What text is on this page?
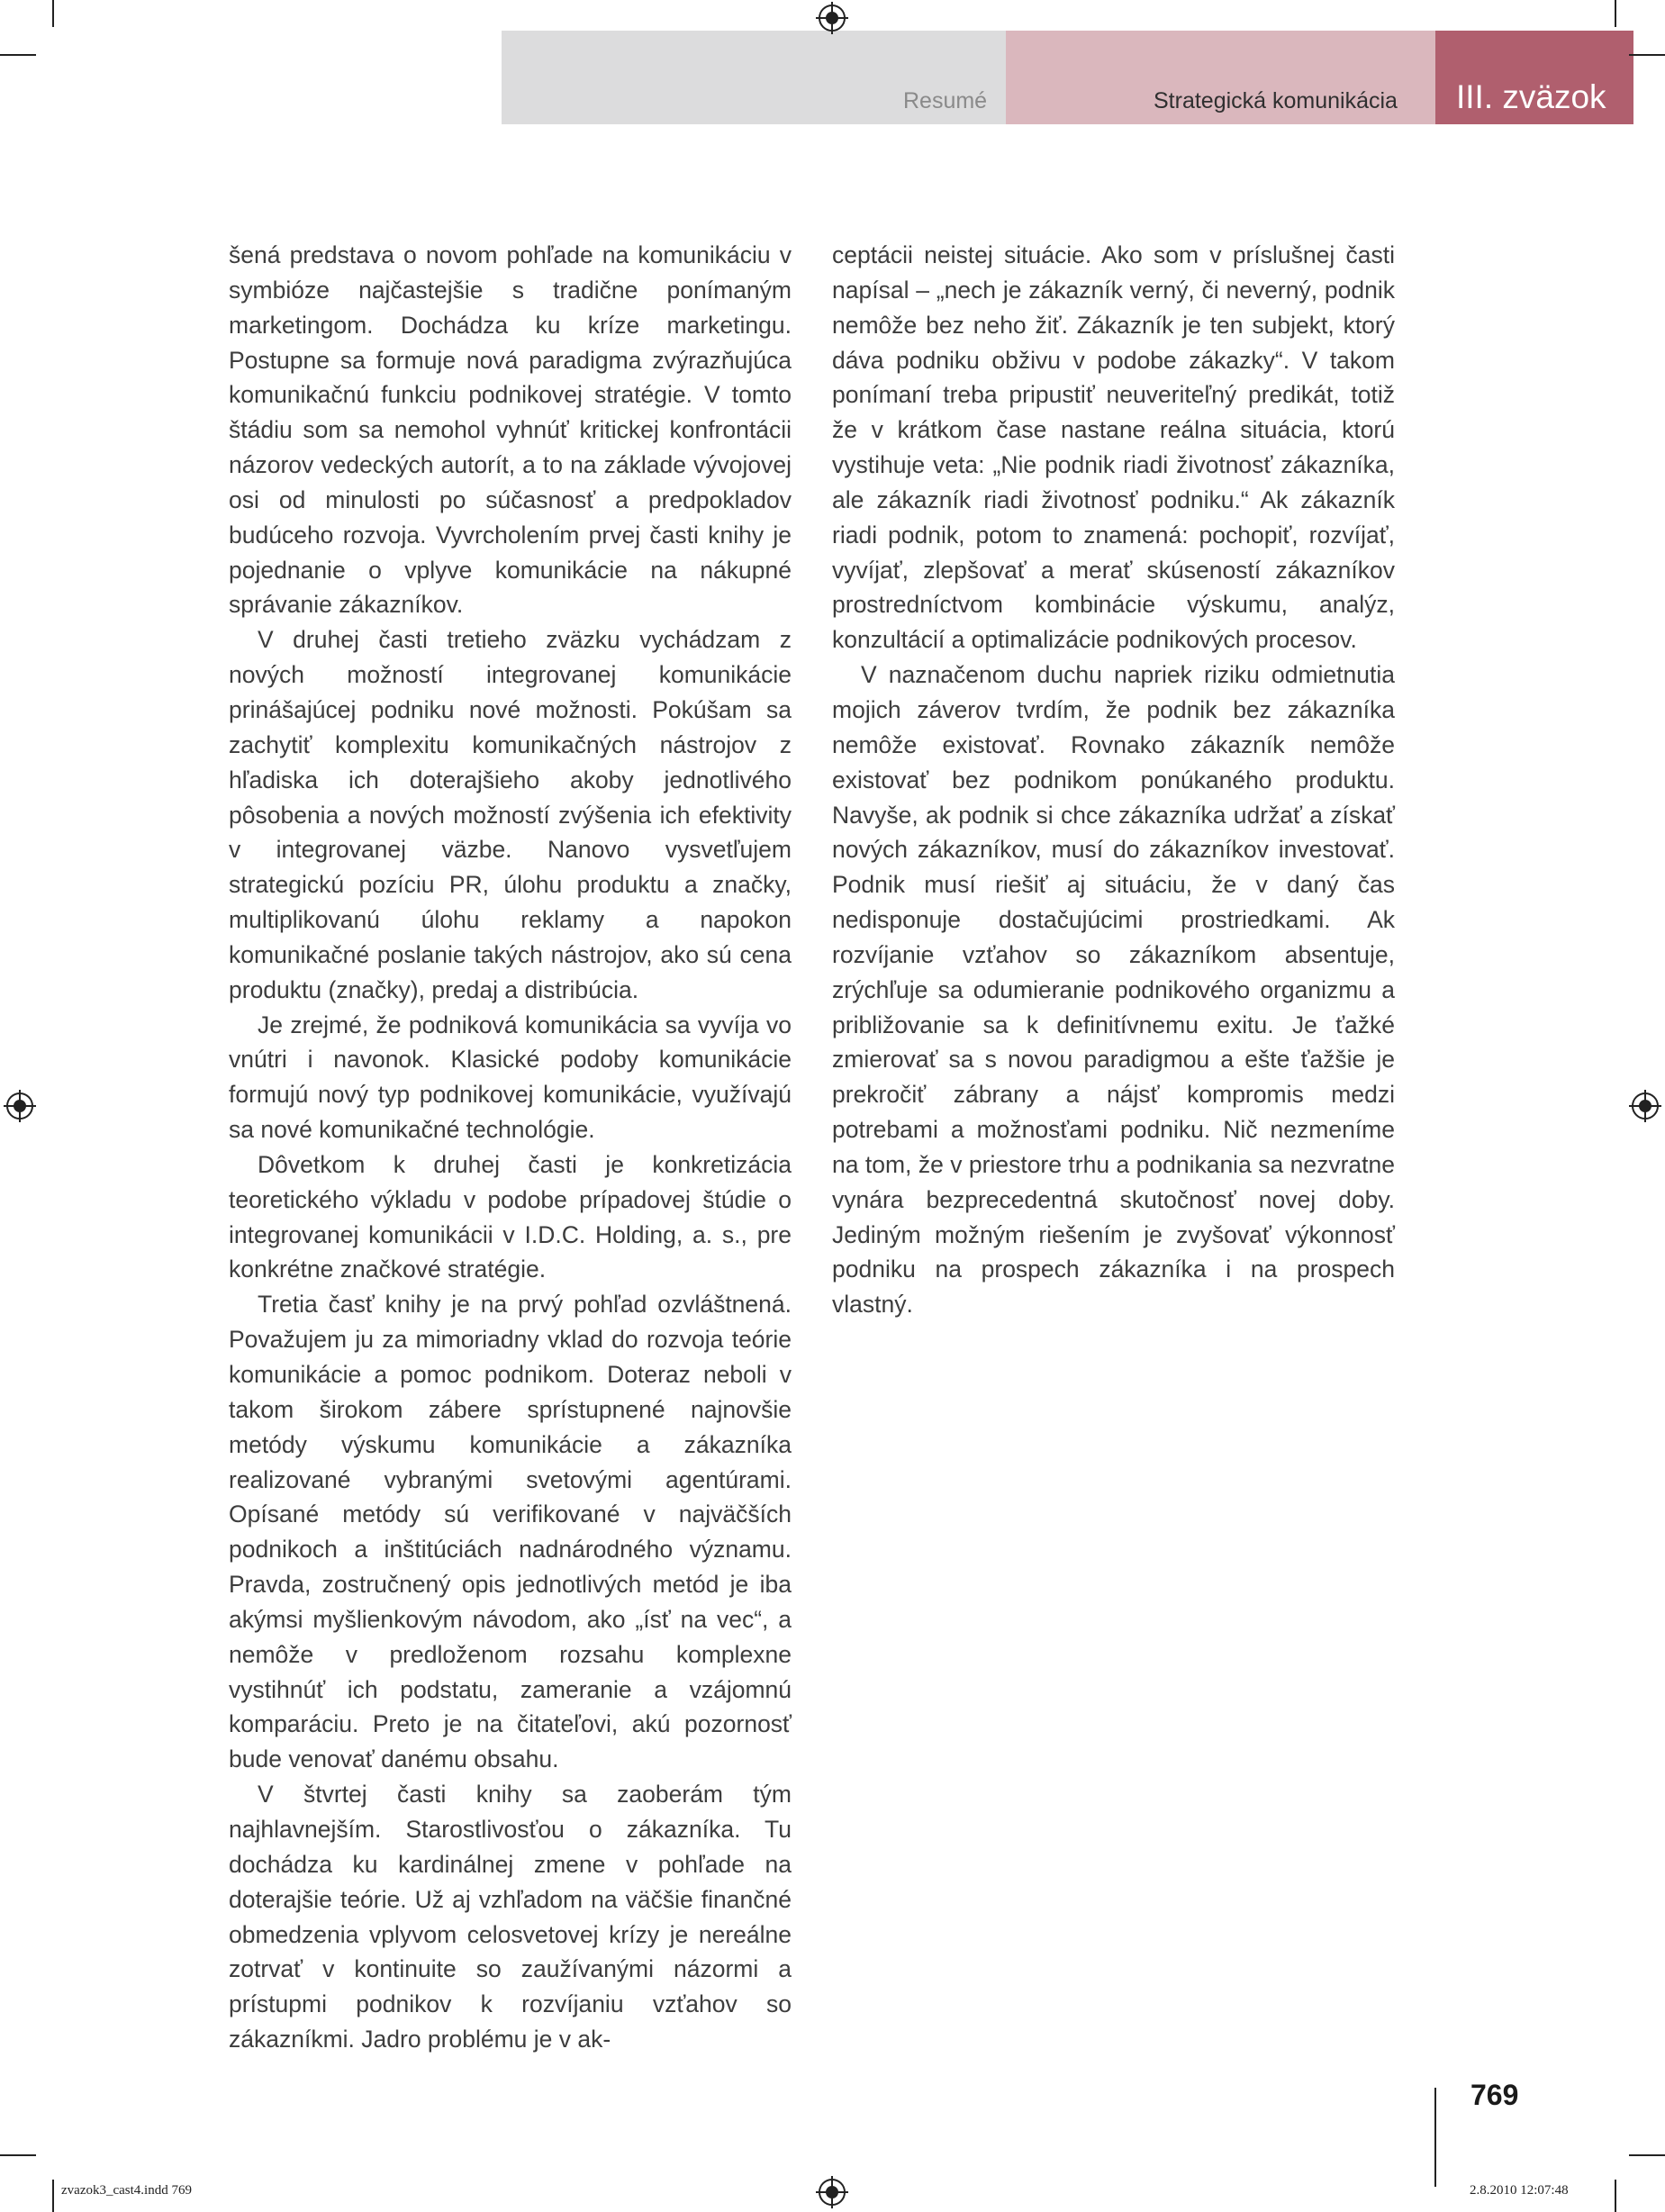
Resumé	Strategická komunikácia III. zväzok

šená predstava o novom pohľade na komunikáciu v symbióze najčastejšie s tradične ponímaným marketingom. Dochádza ku kríze marketingu. Postupne sa formuje nová paradigma zvýrazňujúca komunikačnú funkciu podnikovej stratégie. V tomto štádiu som sa nemohol vyhnúť kritickej konfrontácii názorov vedeckých autorít, a to na základe vývojovej osi od minulosti po súčasnosť a predpokladov budúceho rozvoja. Vyvrcholením prvej časti knihy je pojednanie o vplyve komunikácie na nákupné správanie zákazníkov.

V druhej časti tretieho zväzku vychádzam z nových možností integrovanej komunikácie prinášajúcej podniku nové možnosti. Pokúšam sa zachytiť komplexitu komunikačných nástrojov z hľadiska ich doterajšieho akoby jednotlivého pôsobenia a nových možností zvýšenia ich efektivity v integrovanej väzbe. Nanovo vysvetľujem strategickú pozíciu PR, úlohu produktu a značky, multiplikovanú úlohu reklamy a napokon komunikačné poslanie takých nástrojov, ako sú cena produktu (značky), predaj a distribúcia.

Je zrejmé, že podniková komunikácia sa vyvíja vo vnútri i navonok. Klasické podoby komunikácie formujú nový typ podnikovej komunikácie, využívajú sa nové komunikačné technológie.

Dôvetkom k druhej časti je konkretizácia teoretického výkladu v podobe prípadovej štúdie o integrovanej komunikácii v I.D.C. Holding, a. s., pre konkrétne značkové stratégie.

Tretia časť knihy je na prvý pohľad ozvláštnená. Považujem ju za mimoriadny vklad do rozvoja teórie komunikácie a pomoc podnikom. Doteraz neboli v takom širokom zábere sprístupnené najnovšie metódy výskumu komunikácie a zákazníka realizované vybranými svetovými agentúrami. Opísané metódy sú verifikované v najväčších podnikoch a inštitúciách nadnárodného významu. Pravda, zostručnený opis jednotlivých metód je iba akýmsi myšlienkovým návodom, ako „ísť na vec“, a nemôže v predloženom rozsahu komplexne vystihnúť ich podstatu, zameranie a vzájomnú komparáciu. Preto je na čitateľovi, akú pozornosť bude venovať danému obsahu.

V štvrtej časti knihy sa zaoberám tým najhlavnejším. Starostlivosťou o zákazníka. Tu dochádza ku kardinálnej zmene v pohľade na doterajšie teórie. Už aj vzhľadom na väčšie finančné obmedzenia vplyvom celosvetovej krízy je nereálne zotrvať v kontinuite so zaužívanými názormi a prístupmi podnikov k rozvíjaniu vzťahov so zákazníkmi. Jadro problému je v ak-

ceptácii neistej situácie. Ako som v príslušnej časti napísal – „nech je zákazník verný, či neverný, podnik nemôže bez neho žiť. Zákazník je ten subjekt, ktorý dáva podniku obživu v podobe zákazky“. V takom ponímaní treba pripustiť neuveriteľný predikát, totiž že v krátkom čase nastane reálna situácia, ktorú vystihuje veta: „Nie podnik riadi životnosť zákazníka, ale zákazník riadi životnosť podniku.“ Ak zákazník riadi podnik, potom to znamená: pochopiť, rozvíjať, vyvíjať, zlepšovať a merať skúseností zákazníkov prostredníctvom kombinácie výskumu, analýz, konzultácií a optimalizácie podnikových procesov.

V naznačenom duchu napriek riziku odmietnutia mojich záverov tvrdím, že podnik bez zákazníka nemôže existovať. Rovnako zákazník nemôže existovať bez podnikom ponúkaného produktu. Navyše, ak podnik si chce zákazníka udržať a získať nových zákazníkov, musí do zákazníkov investovať. Podnik musí riešiť aj situáciu, že v daný čas nedisponuje dostačujúcimi prostriedkami. Ak rozvíjanie vzťahov so zákazníkom absentuje, zrýchľuje sa odumieranie podnikového organizmu a približovanie sa k definitívnemu exitu. Je ťažké zmierovať sa s novou paradigmou a ešte ťažšie je prekročiť zábrany a nájsť kompromis medzi potrebami a možnosťami podniku. Nič nezmeníme na tom, že v priestore trhu a podnikania sa nezvratne vynára bezprecedentná skutočnosť novej doby. Jediným možným riešením je zvyšovať výkonnosť podniku na prospech zákazníka i na prospech vlastný.

769
zvazok3_cast4.indd 769	2.8.2010 12:07:48
